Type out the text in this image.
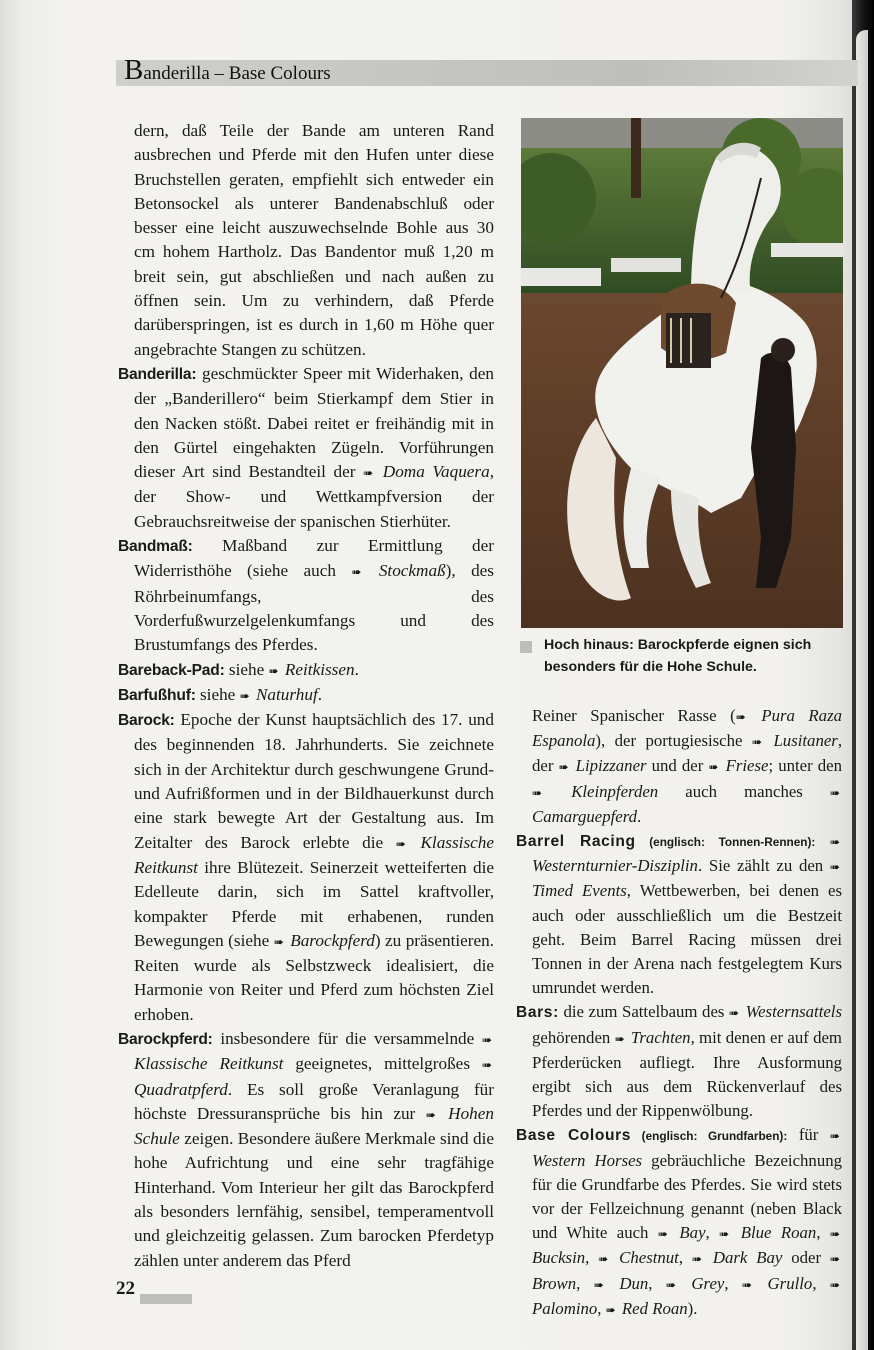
Banderilla – Base Colours

dern, daß Teile der Bande am unteren Rand ausbrechen und Pferde mit den Hufen unter diese Bruchstellen geraten, empfiehlt sich entweder ein Betonsockel als unterer Bandenabschluß oder besser eine leicht auszuwechselnde Bohle aus 30 cm hohem Hartholz. Das Bandentor muß 1,20 m breit sein, gut abschließen und nach außen zu öffnen sein. Um zu verhindern, daß Pferde darüberspringen, ist es durch in 1,60 m Höhe quer angebrachte Stangen zu schützen.

Banderilla: geschmückter Speer mit Widerhaken, den der „Banderillero“ beim Stierkampf dem Stier in den Nacken stößt. Dabei reitet er freihändig mit in den Gürtel eingehakten Zügeln. Vorführungen dieser Art sind Bestandteil der ➠ Doma Vaquera, der Show- und Wettkampfversion der Gebrauchsreitweise der spanischen Stierhüter.

Bandmaß: Maßband zur Ermittlung der Widerristhöhe (siehe auch ➠ Stockmaß), des Röhrbeinumfangs, des Vorderfußwurzelgelenkumfangs und des Brustumfangs des Pferdes.

Bareback-Pad: siehe ➠ Reitkissen.

Barfußhuf: siehe ➠ Naturhuf.

Barock: Epoche der Kunst hauptsächlich des 17. und des beginnenden 18. Jahrhunderts. Sie zeichnete sich in der Architektur durch geschwungene Grund- und Aufrißformen und in der Bildhauerkunst durch eine stark bewegte Art der Gestaltung aus. Im Zeitalter des Barock erlebte die ➠ Klassische Reitkunst ihre Blütezeit. Seinerzeit wetteiferten die Edelleute darin, sich im Sattel kraftvoller, kompakter Pferde mit erhabenen, runden Bewegungen (siehe ➠ Barockpferd) zu präsentieren. Reiten wurde als Selbstzweck idealisiert, die Harmonie von Reiter und Pferd zum höchsten Ziel erhoben.

Barockpferd: insbesondere für die versammelnde ➠ Klassische Reitkunst geeignetes, mittelgroßes ➠ Quadratpferd. Es soll große Veranlagung für höchste Dressuransprüche bis hin zur ➠ Hohen Schule zeigen. Besondere äußere Merkmale sind die hohe Aufrichtung und eine sehr tragfähige Hinterhand. Vom Interieur her gilt das Barockpferd als besonders lernfähig, sensibel, temperamentvoll und gleichzeitig gelassen. Zum barocken Pferdetyp zählen unter anderem das Pferd

Hoch hinaus: Barockpferde eignen sich besonders für die Hohe Schule.

Reiner Spanischer Rasse (➠ Pura Raza Espanola), der portugiesische ➠ Lusitaner, der ➠ Lipizzaner und der ➠ Friese; unter den ➠ Kleinpferden auch manches ➠ Camarguepferd.

Barrel Racing (englisch: Tonnen-Rennen): ➠ Westernturnier-Disziplin. Sie zählt zu den ➠ Timed Events, Wettbewerben, bei denen es auch oder ausschließlich um die Bestzeit geht. Beim Barrel Racing müssen drei Tonnen in der Arena nach festgelegtem Kurs umrundet werden.

Bars: die zum Sattelbaum des ➠ Westernsattels gehörenden ➠ Trachten, mit denen er auf dem Pferderücken aufliegt. Ihre Ausformung ergibt sich aus dem Rückenverlauf des Pferdes und der Rippenwölbung.

Base Colours (englisch: Grundfarben): für ➠ Western Horses gebräuchliche Bezeichnung für die Grundfarbe des Pferdes. Sie wird stets vor der Fellzeichnung genannt (neben Black und White auch ➠ Bay, ➠ Blue Roan, ➠ Bucksin, ➠ Chestnut, ➠ Dark Bay oder ➠ Brown, ➠ Dun, ➠ Grey, ➠ Grullo, ➠ Palomino, ➠ Red Roan).

22
